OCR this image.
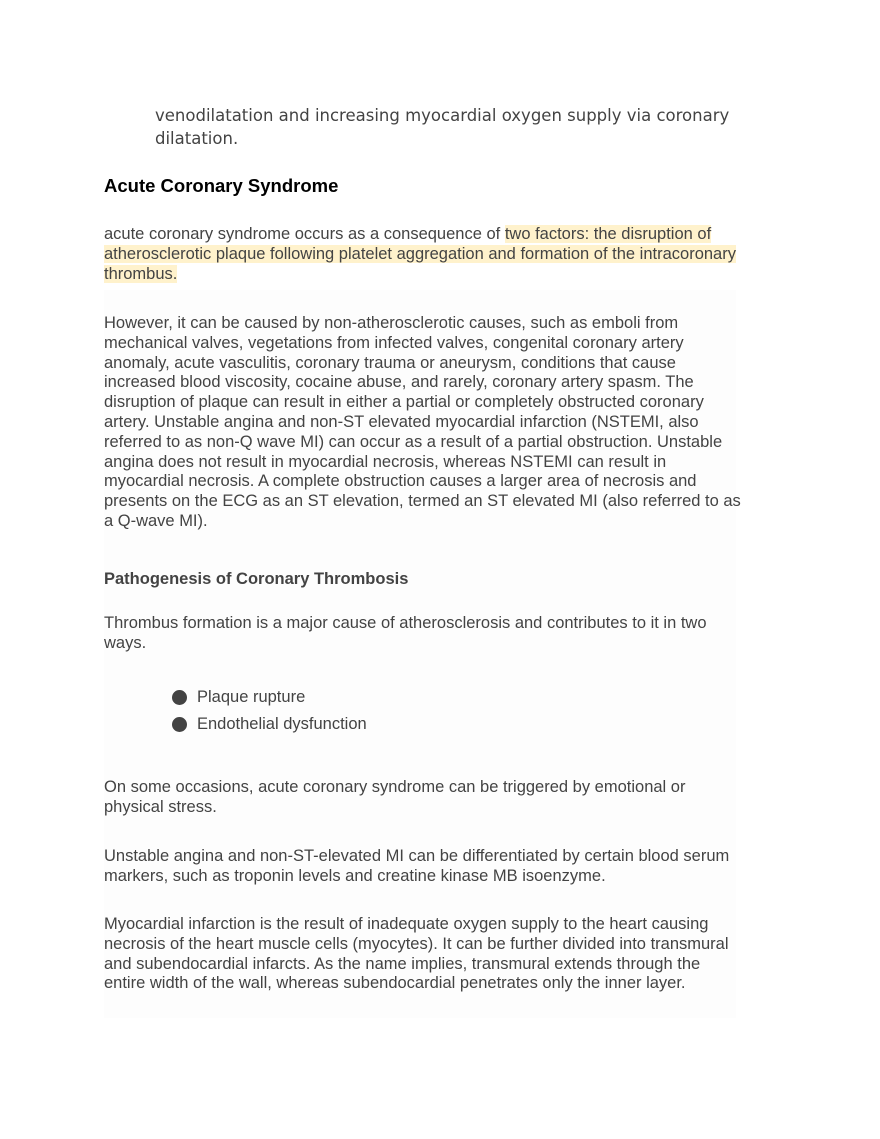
venodilatation and increasing myocardial oxygen supply via coronary dilatation.
Acute Coronary Syndrome
acute coronary syndrome occurs as a consequence of two factors: the disruption of atherosclerotic plaque following platelet aggregation and formation of the intracoronary thrombus.
However, it can be caused by non-atherosclerotic causes, such as emboli from mechanical valves, vegetations from infected valves, congenital coronary artery anomaly, acute vasculitis, coronary trauma or aneurysm, conditions that cause increased blood viscosity, cocaine abuse, and rarely, coronary artery spasm. The disruption of plaque can result in either a partial or completely obstructed coronary artery. Unstable angina and non-ST elevated myocardial infarction (NSTEMI, also referred to as non-Q wave MI) can occur as a result of a partial obstruction. Unstable angina does not result in myocardial necrosis, whereas NSTEMI can result in myocardial necrosis. A complete obstruction causes a larger area of necrosis and presents on the ECG as an ST elevation, termed an ST elevated MI (also referred to as a Q-wave MI).
Pathogenesis of Coronary Thrombosis
Thrombus formation is a major cause of atherosclerosis and contributes to it in two ways.
Plaque rupture
Endothelial dysfunction
On some occasions, acute coronary syndrome can be triggered by emotional or physical stress.
Unstable angina and non-ST-elevated MI can be differentiated by certain blood serum markers, such as troponin levels and creatine kinase MB isoenzyme.
Myocardial infarction is the result of inadequate oxygen supply to the heart causing necrosis of the heart muscle cells (myocytes). It can be further divided into transmural and subendocardial infarcts. As the name implies, transmural extends through the entire width of the wall, whereas subendocardial penetrates only the inner layer.
